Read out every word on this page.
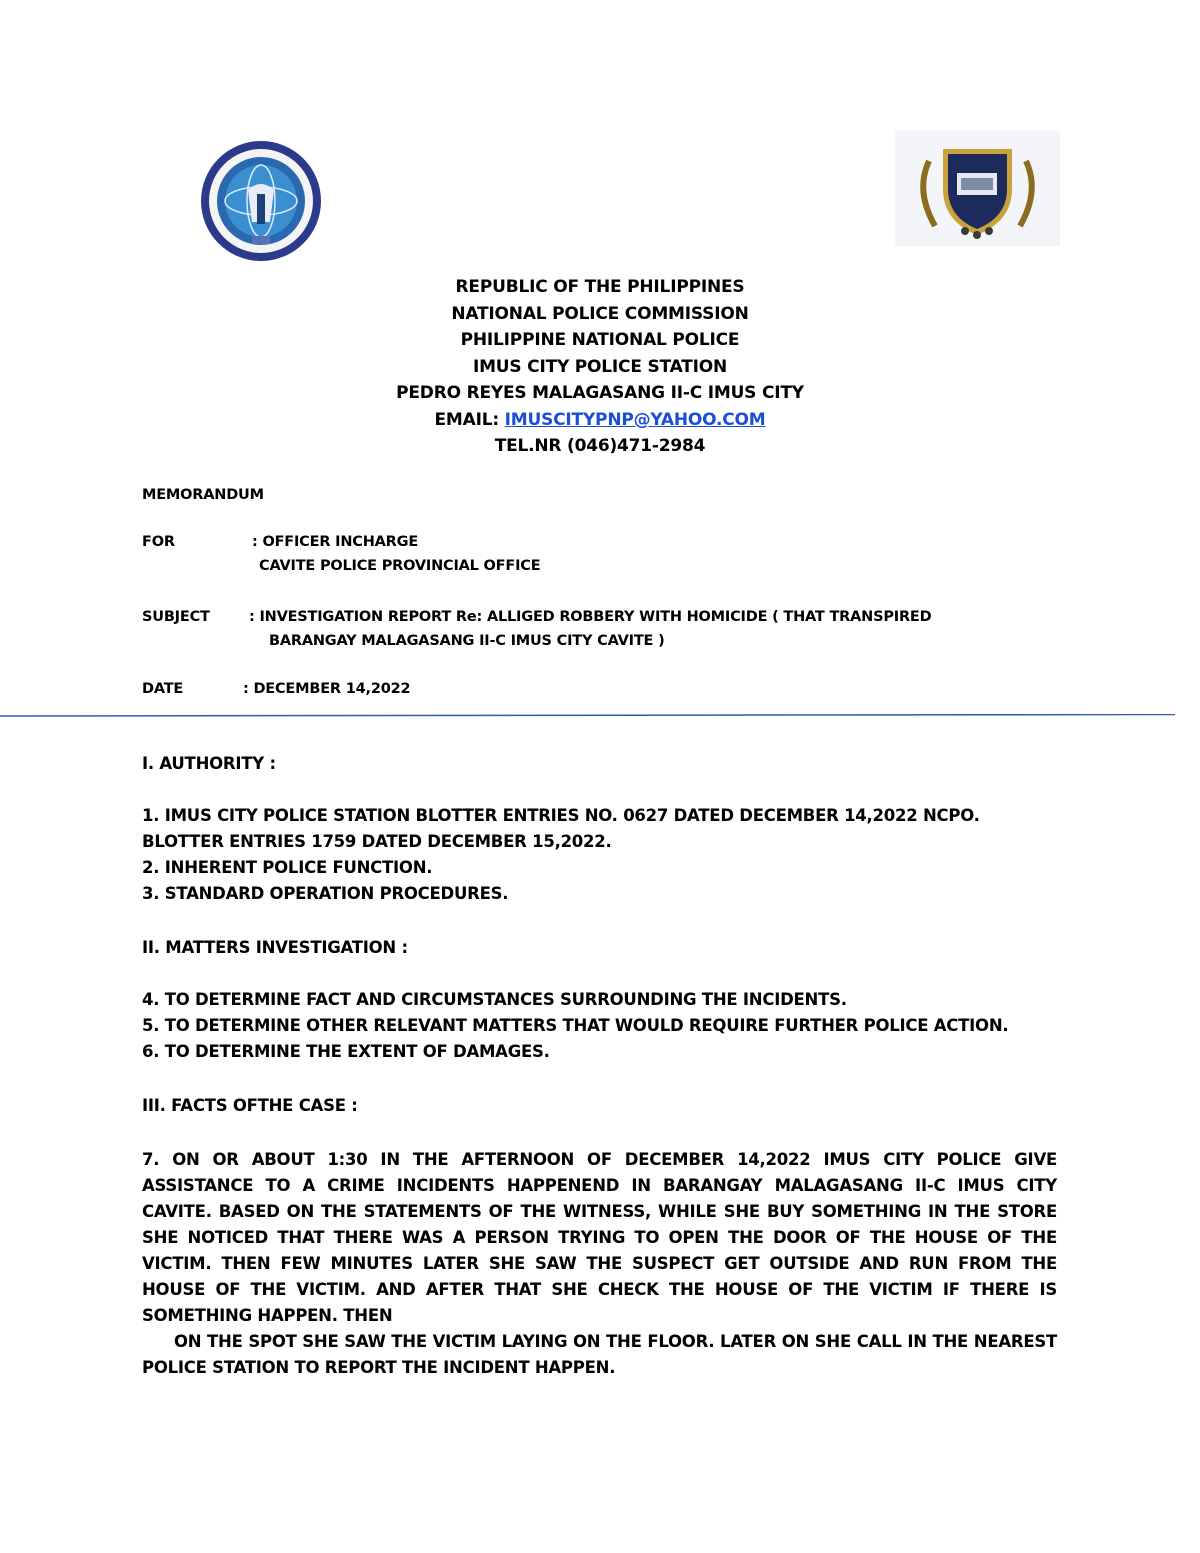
REPUBLIC OF THE PHILIPPINES
NATIONAL POLICE COMMISSION
PHILIPPINE NATIONAL POLICE
IMUS CITY POLICE STATION
PEDRO REYES MALAGASANG II-C IMUS CITY
EMAIL: IMUSCITYPNP@YAHOO.COM
TEL.NR (046)471-2984
MEMORANDUM
FOR	: OFFICER INCHARGE
CAVITE POLICE PROVINCIAL OFFICE
SUBJECT	: INVESTIGATION REPORT Re: ALLIGED ROBBERY WITH HOMICIDE ( THAT TRANSPIRED
BARANGAY MALAGASANG II-C IMUS CITY CAVITE )
DATE	: DECEMBER 14,2022
I. AUTHORITY :

1. IMUS CITY POLICE STATION BLOTTER ENTRIES NO. 0627 DATED DECEMBER 14,2022 NCPO. BLOTTER ENTRIES 1759 DATED DECEMBER 15,2022.

2. INHERENT POLICE FUNCTION.

3. STANDARD OPERATION PROCEDURES.

II. MATTERS INVESTIGATION :

4. TO DETERMINE FACT AND CIRCUMSTANCES SURROUNDING THE INCIDENTS.

5. TO DETERMINE OTHER RELEVANT MATTERS THAT WOULD REQUIRE FURTHER POLICE ACTION.

6. TO DETERMINE THE EXTENT OF DAMAGES.

III. FACTS OFTHE CASE :

7. ON OR ABOUT 1:30 IN THE AFTERNOON OF DECEMBER 14,2022 IMUS CITY POLICE GIVE ASSISTANCE TO A CRIME INCIDENTS HAPPENEND IN BARANGAY MALAGASANG II-C IMUS CITY CAVITE. BASED ON THE STATEMENTS OF THE WITNESS, WHILE SHE BUY SOMETHING IN THE STORE SHE NOTICED THAT THERE WAS A PERSON TRYING TO OPEN THE DOOR OF THE HOUSE OF THE VICTIM. THEN FEW MINUTES LATER SHE SAW THE SUSPECT GET OUTSIDE AND RUN FROM THE HOUSE OF THE VICTIM. AND AFTER THAT SHE CHECK THE HOUSE OF THE VICTIM IF THERE IS SOMETHING HAPPEN. THEN

ON THE SPOT SHE SAW THE VICTIM LAYING ON THE FLOOR. LATER ON SHE CALL IN THE NEAREST POLICE STATION TO REPORT THE INCIDENT HAPPEN.
